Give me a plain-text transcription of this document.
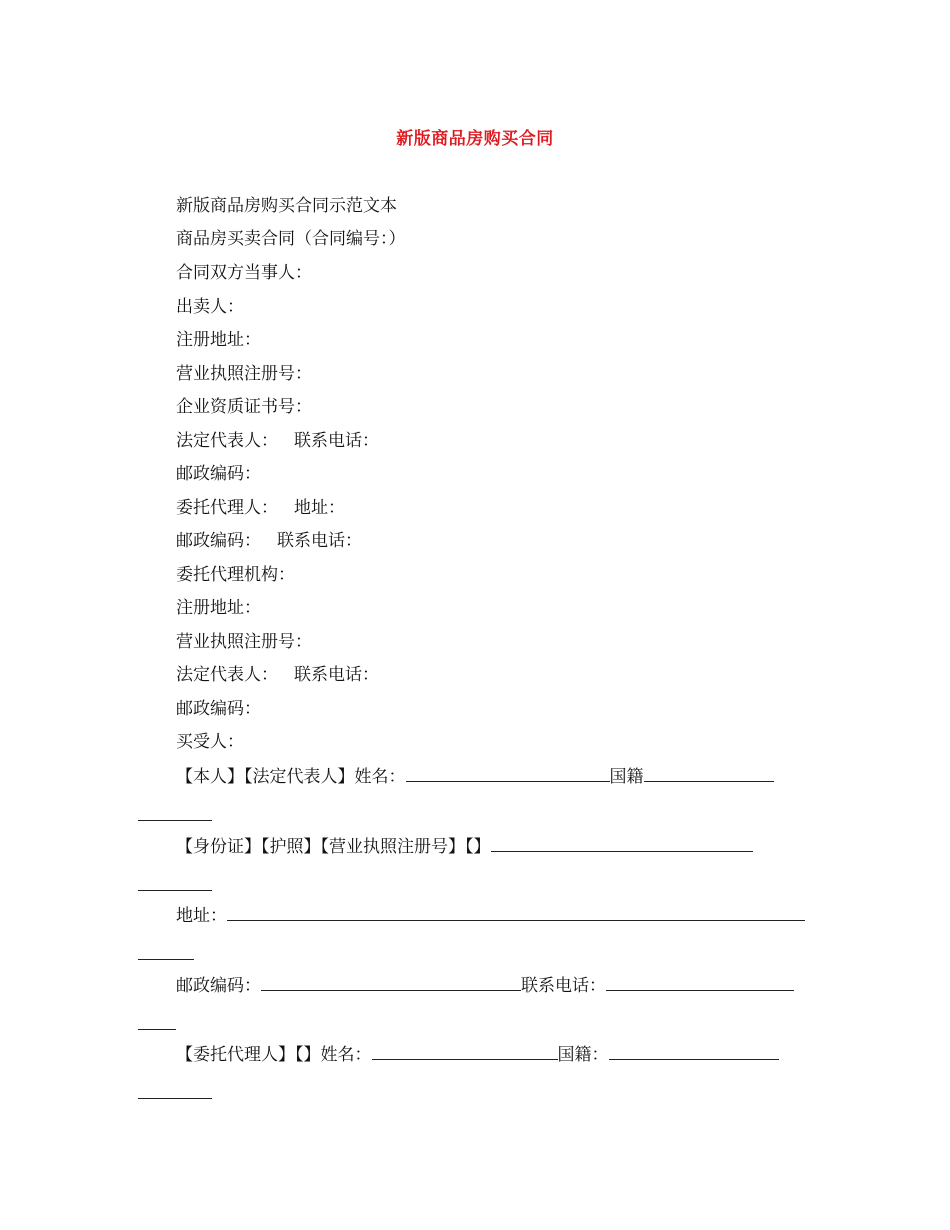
新版商品房购买合同
新版商品房购买合同示范文本
商品房买卖合同（合同编号：）
合同双方当事人：
出卖人：
注册地址：
营业执照注册号：
企业资质证书号：
法定代表人： 联系电话：
邮政编码：
委托代理人： 地址：
邮政编码： 联系电话：
委托代理机构：
注册地址：
营业执照注册号：
法定代表人： 联系电话：
邮政编码：
买受人：
【本人】【法定代表人】姓名：	国籍
【身份证】【护照】【营业执照注册号】【】
地址：
邮政编码：	联系电话：
【委托代理人】【】姓名：	国籍：
